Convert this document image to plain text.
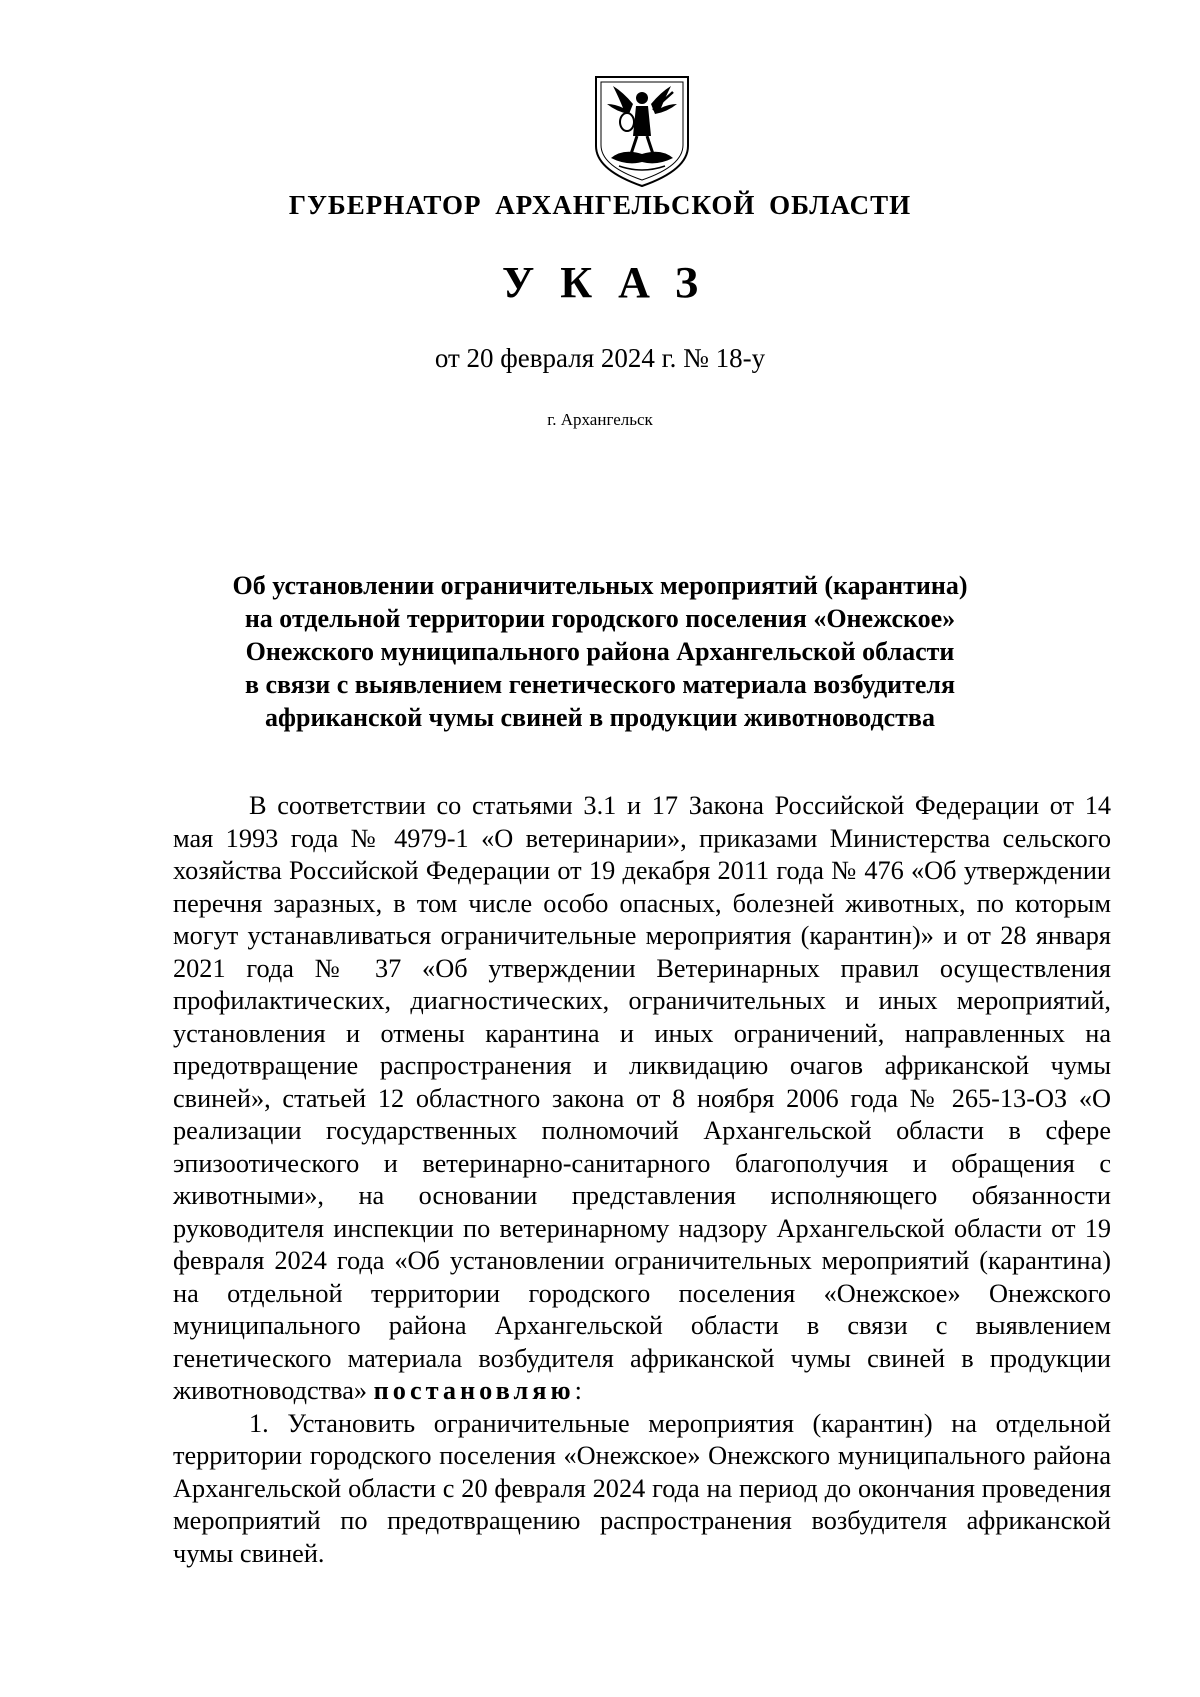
ГУБЕРНАТОР АРХАНГЕЛЬСКОЙ ОБЛАСТИ
УКАЗ
от 20 февраля 2024 г. № 18-у
г. Архангельск
Об установлении ограничительных мероприятий (карантина)
на отдельной территории городского поселения «Онежское»
Онежского муниципального района Архангельской области
в связи с выявлением генетического материала возбудителя
африканской чумы свиней в продукции животноводства

В соответствии со статьями 3.1 и 17 Закона Российской Федерации от 14 мая 1993 года № 4979-1 «О ветеринарии», приказами Министерства сельского хозяйства Российской Федерации от 19 декабря 2011 года № 476 «Об утверждении перечня заразных, в том числе особо опасных, болезней животных, по которым могут устанавливаться ограничительные мероприятия (карантин)» и от 28 января 2021 года № 37 «Об утверждении Ветеринарных правил осуществления профилактических, диагностических, ограничительных и иных мероприятий, установления и отмены карантина и иных ограничений, направленных на предотвращение распространения и ликвидацию очагов африканской чумы свиней», статьей 12 областного закона от 8 ноября 2006 года № 265-13-ОЗ «О реализации государственных полномочий Архангельской области в сфере эпизоотического и ветеринарно-санитарного благополучия и обращения с животными», на основании представления исполняющего обязанности руководителя инспекции по ветеринарному надзору Архангельской области от 19 февраля 2024 года «Об установлении ограничительных мероприятий (карантина) на отдельной территории городского поселения «Онежское» Онежского муниципального района Архангельской области в связи с выявлением генетического материала возбудителя африканской чумы свиней в продукции животноводства» постановляю:

1. Установить ограничительные мероприятия (карантин) на отдельной территории городского поселения «Онежское» Онежского муниципального района Архангельской области с 20 февраля 2024 года на период до окончания проведения мероприятий по предотвращению распространения возбудителя африканской чумы свиней.
